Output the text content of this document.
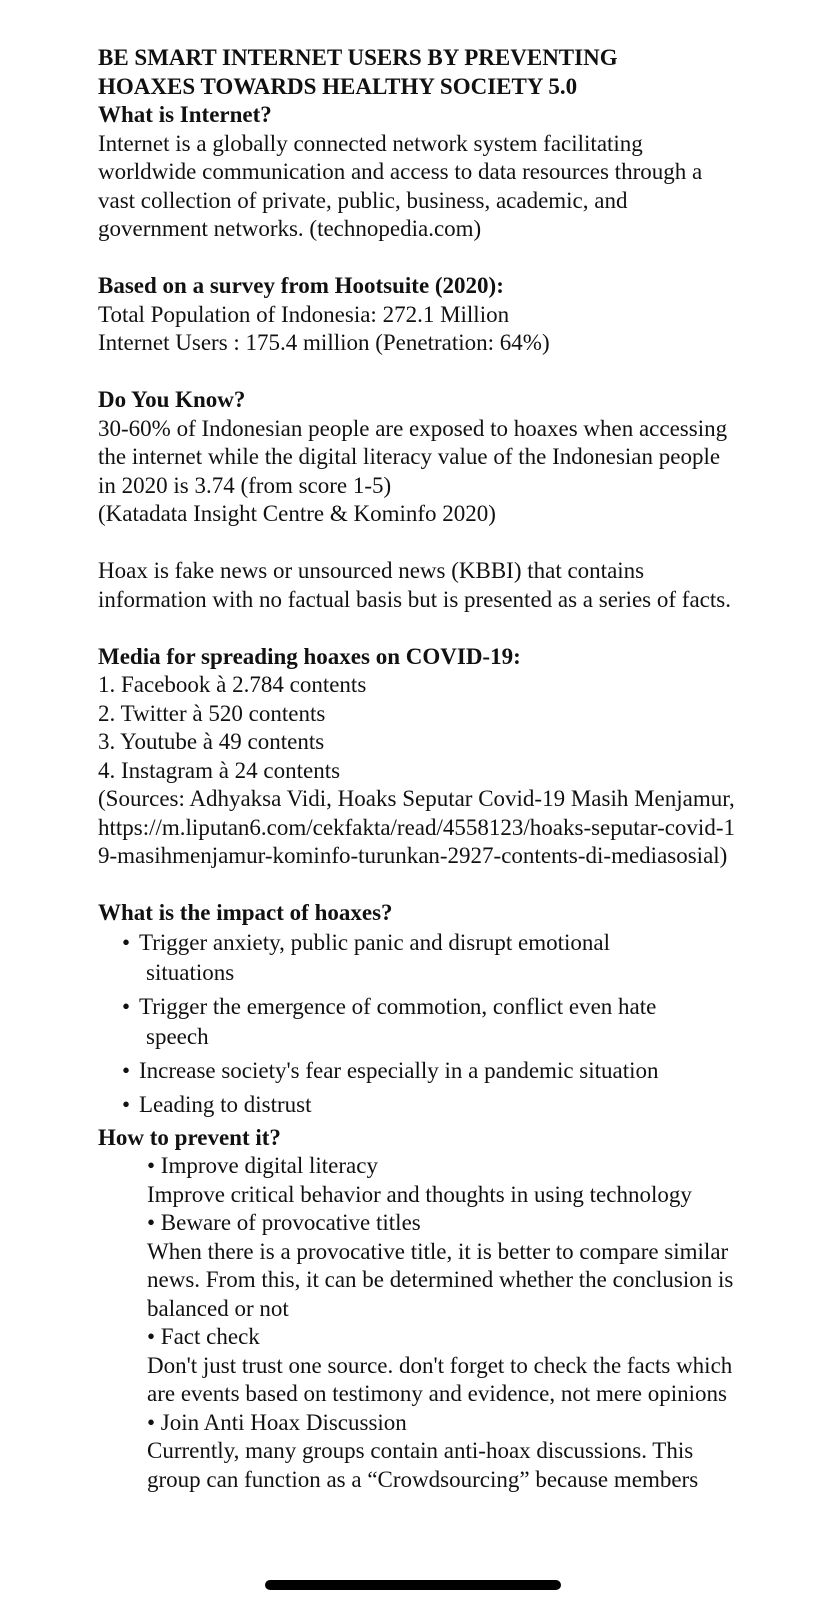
BE SMART INTERNET USERS BY PREVENTING
HOAXES TOWARDS HEALTHY SOCIETY 5.0
What is Internet?

Internet is a globally connected network system facilitating worldwide communication and access to data resources through a vast collection of private, public, business, academic, and government networks. (technopedia.com)

Based on a survey from Hootsuite (2020):

Total Population of Indonesia: 272.1 Million

Internet Users : 175.4 million (Penetration: 64%)

Do You Know?

30-60% of Indonesian people are exposed to hoaxes when accessing the internet while the digital literacy value of the Indonesian people in 2020 is 3.74 (from score 1-5)

(Katadata Insight Centre & Kominfo 2020)

Hoax is fake news or unsourced news (KBBI) that contains information with no factual basis but is presented as a series of facts.

Media for spreading hoaxes on COVID-19:

1. Facebook à 2.784 contents

2. Twitter à 520 contents

3. Youtube à 49 contents

4. Instagram à 24 contents

(Sources: Adhyaksa Vidi, Hoaks Seputar Covid-19 Masih Menjamur,

https://m.liputan6.com/cekfakta/read/4558123/hoaks-seputar-covid-19-masihmenjamur-kominfo-turunkan-2927-contents-di-mediasosial)

What is the impact of hoaxes?
• Trigger anxiety, public panic and disrupt emotional
situations
• Trigger the emergence of commotion, conflict even hate
speech
• Increase society's fear especially in a pandemic situation
• Leading to distrust
How to prevent it?

• Improve digital literacy

Improve critical behavior and thoughts in using technology

• Beware of provocative titles

When there is a provocative title, it is better to compare similar news. From this, it can be determined whether the conclusion is balanced or not

• Fact check

Don't just trust one source. don't forget to check the facts which are events based on testimony and evidence, not mere opinions

• Join Anti Hoax Discussion

Currently, many groups contain anti-hoax discussions. This group can function as a “Crowdsourcing” because members
